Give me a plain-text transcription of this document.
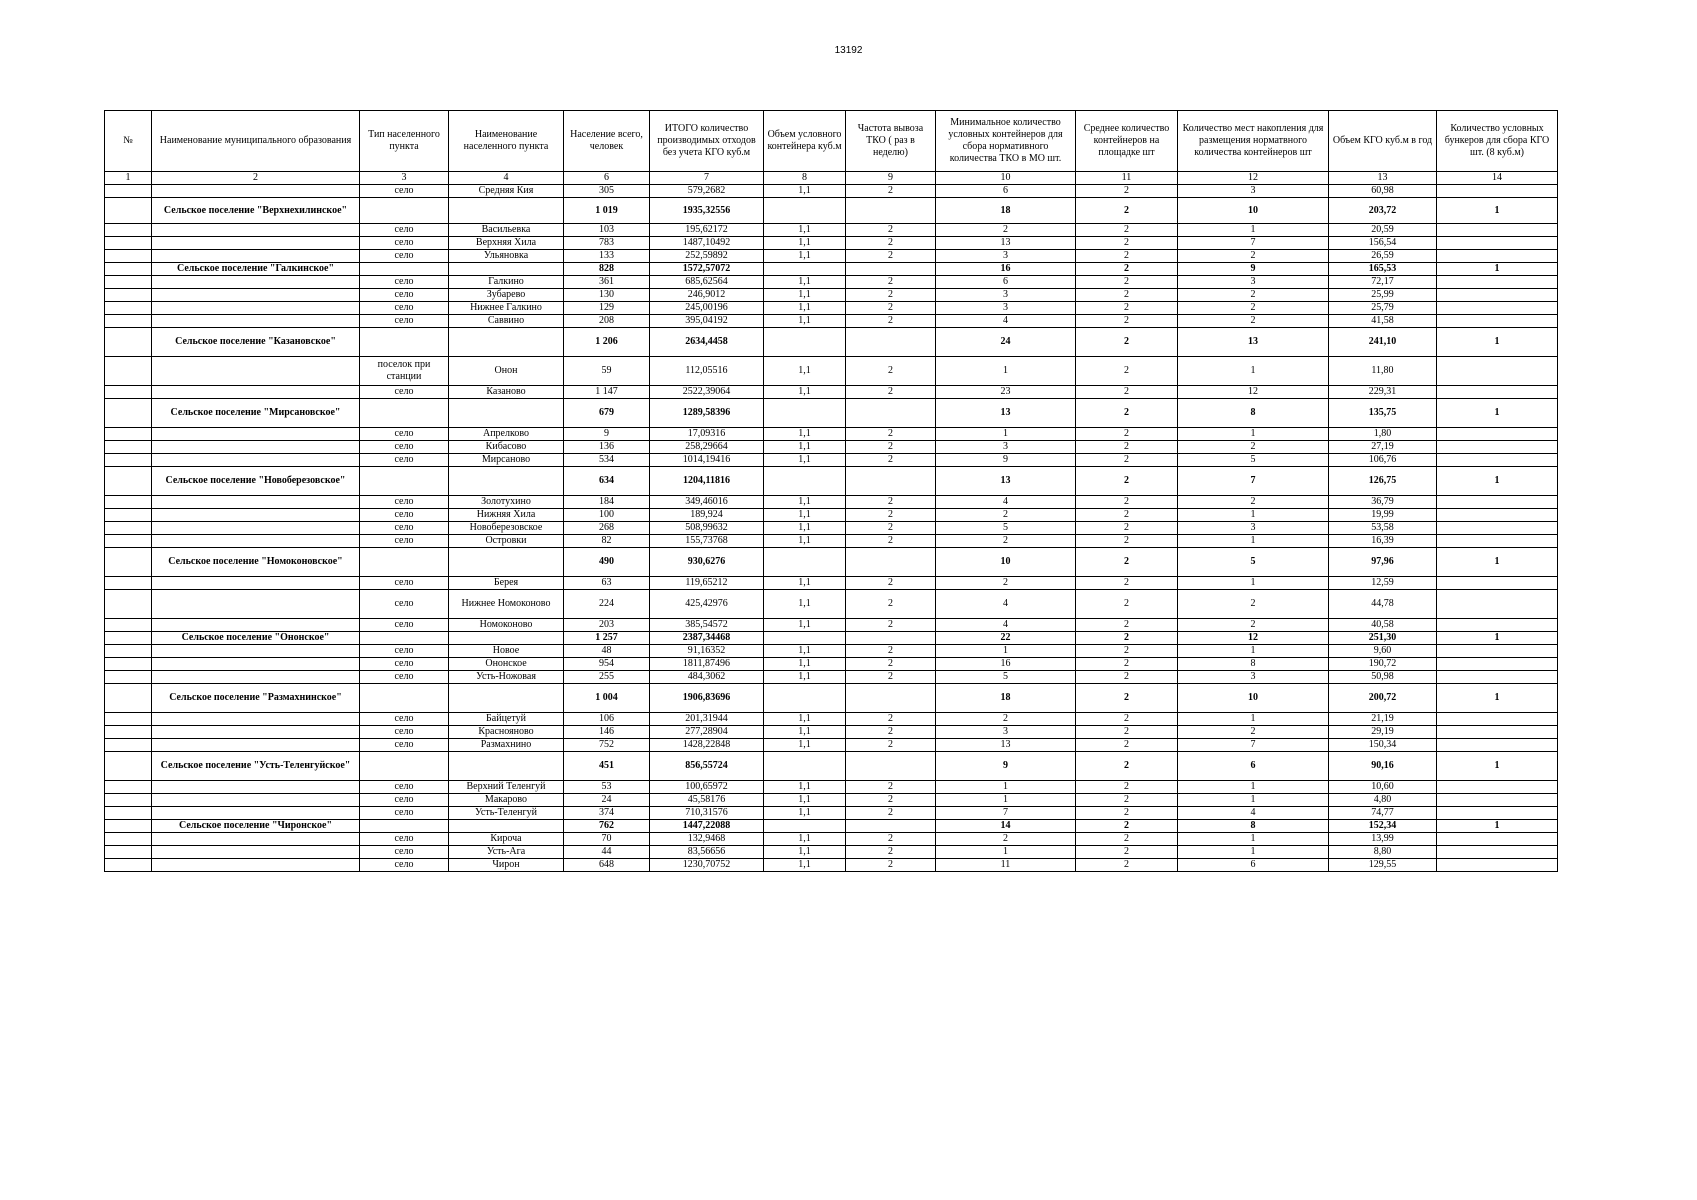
13192
№	Наименование муниципального образования	Тип населенного пункта	Наименование населенного пункта	Население всего, человек	ИТОГО количество производимых отходов без учета КГО куб.м	Объем условного контейнера куб.м	Частота вывоза ТКО ( раз в неделю)	Минимальное количество условных контейнеров для сбора нормативного количества ТКО в МО шт.	Среднее количество контейнеров на площадке шт	Количество мест накопления для размещения норматвного количества контейнеров шт	Объем КГО куб.м в год	Количество условных бункеров для сбора КГО шт. (8 куб.м)
1	2	3	4	6	7	8	9	10	11	12	13	14
		село	Средняя Кия	305	579,2682	1,1	2	6	2	3	60,98	
	Сельское поселение "Верхнехилинское"			1 019	1935,32556			18	2	10	203,72	1
		село	Васильевка	103	195,62172	1,1	2	2	2	1	20,59	
		село	Верхняя Хила	783	1487,10492	1,1	2	13	2	7	156,54	
		село	Ульяновка	133	252,59892	1,1	2	3	2	2	26,59	
	Сельское поселение "Галкинское"			828	1572,57072			16	2	9	165,53	1
		село	Галкино	361	685,62564	1,1	2	6	2	3	72,17	
		село	Зубарево	130	246,9012	1,1	2	3	2	2	25,99	
		село	Нижнее Галкино	129	245,00196	1,1	2	3	2	2	25,79	
		село	Саввино	208	395,04192	1,1	2	4	2	2	41,58	
	Сельское поселение "Казановское"			1 206	2634,4458			24	2	13	241,10	1
		поселок при станции	Онон	59	112,05516	1,1	2	1	2	1	11,80	
		село	Казаново	1 147	2522,39064	1,1	2	23	2	12	229,31	
	Сельское поселение "Мирсановское"			679	1289,58396			13	2	8	135,75	1
		село	Апрелково	9	17,09316	1,1	2	1	2	1	1,80	
		село	Кибасово	136	258,29664	1,1	2	3	2	2	27,19	
		село	Мирсаново	534	1014,19416	1,1	2	9	2	5	106,76	
	Сельское поселение "Новоберезовское"			634	1204,11816			13	2	7	126,75	1
		село	Золотухино	184	349,46016	1,1	2	4	2	2	36,79	
		село	Нижняя Хила	100	189,924	1,1	2	2	2	1	19,99	
		село	Новоберезовское	268	508,99632	1,1	2	5	2	3	53,58	
		село	Островки	82	155,73768	1,1	2	2	2	1	16,39	
	Сельское поселение "Номоконовское"			490	930,6276			10	2	5	97,96	1
		село	Берея	63	119,65212	1,1	2	2	2	1	12,59	
		село	Нижнее Номоконово	224	425,42976	1,1	2	4	2	2	44,78	
		село	Номоконово	203	385,54572	1,1	2	4	2	2	40,58	
	Сельское поселение "Ононское"			1 257	2387,34468			22	2	12	251,30	1
		село	Новое	48	91,16352	1,1	2	1	2	1	9,60	
		село	Ононское	954	1811,87496	1,1	2	16	2	8	190,72	
		село	Усть-Ножовая	255	484,3062	1,1	2	5	2	3	50,98	
	Сельское поселение "Размахнинское"			1 004	1906,83696			18	2	10	200,72	1
		село	Байцетуй	106	201,31944	1,1	2	2	2	1	21,19	
		село	Краснояново	146	277,28904	1,1	2	3	2	2	29,19	
		село	Размахнино	752	1428,22848	1,1	2	13	2	7	150,34	
	Сельское поселение "Усть-Теленгуйское"			451	856,55724			9	2	6	90,16	1
		село	Верхний Теленгуй	53	100,65972	1,1	2	1	2	1	10,60	
		село	Макарово	24	45,58176	1,1	2	1	2	1	4,80	
		село	Усть-Теленгуй	374	710,31576	1,1	2	7	2	4	74,77	
	Сельское поселение "Чиронское"			762	1447,22088			14	2	8	152,34	1
		село	Кироча	70	132,9468	1,1	2	2	2	1	13,99	
		село	Усть-Ага	44	83,56656	1,1	2	1	2	1	8,80	
		село	Чирон	648	1230,70752	1,1	2	11	2	6	129,55	
